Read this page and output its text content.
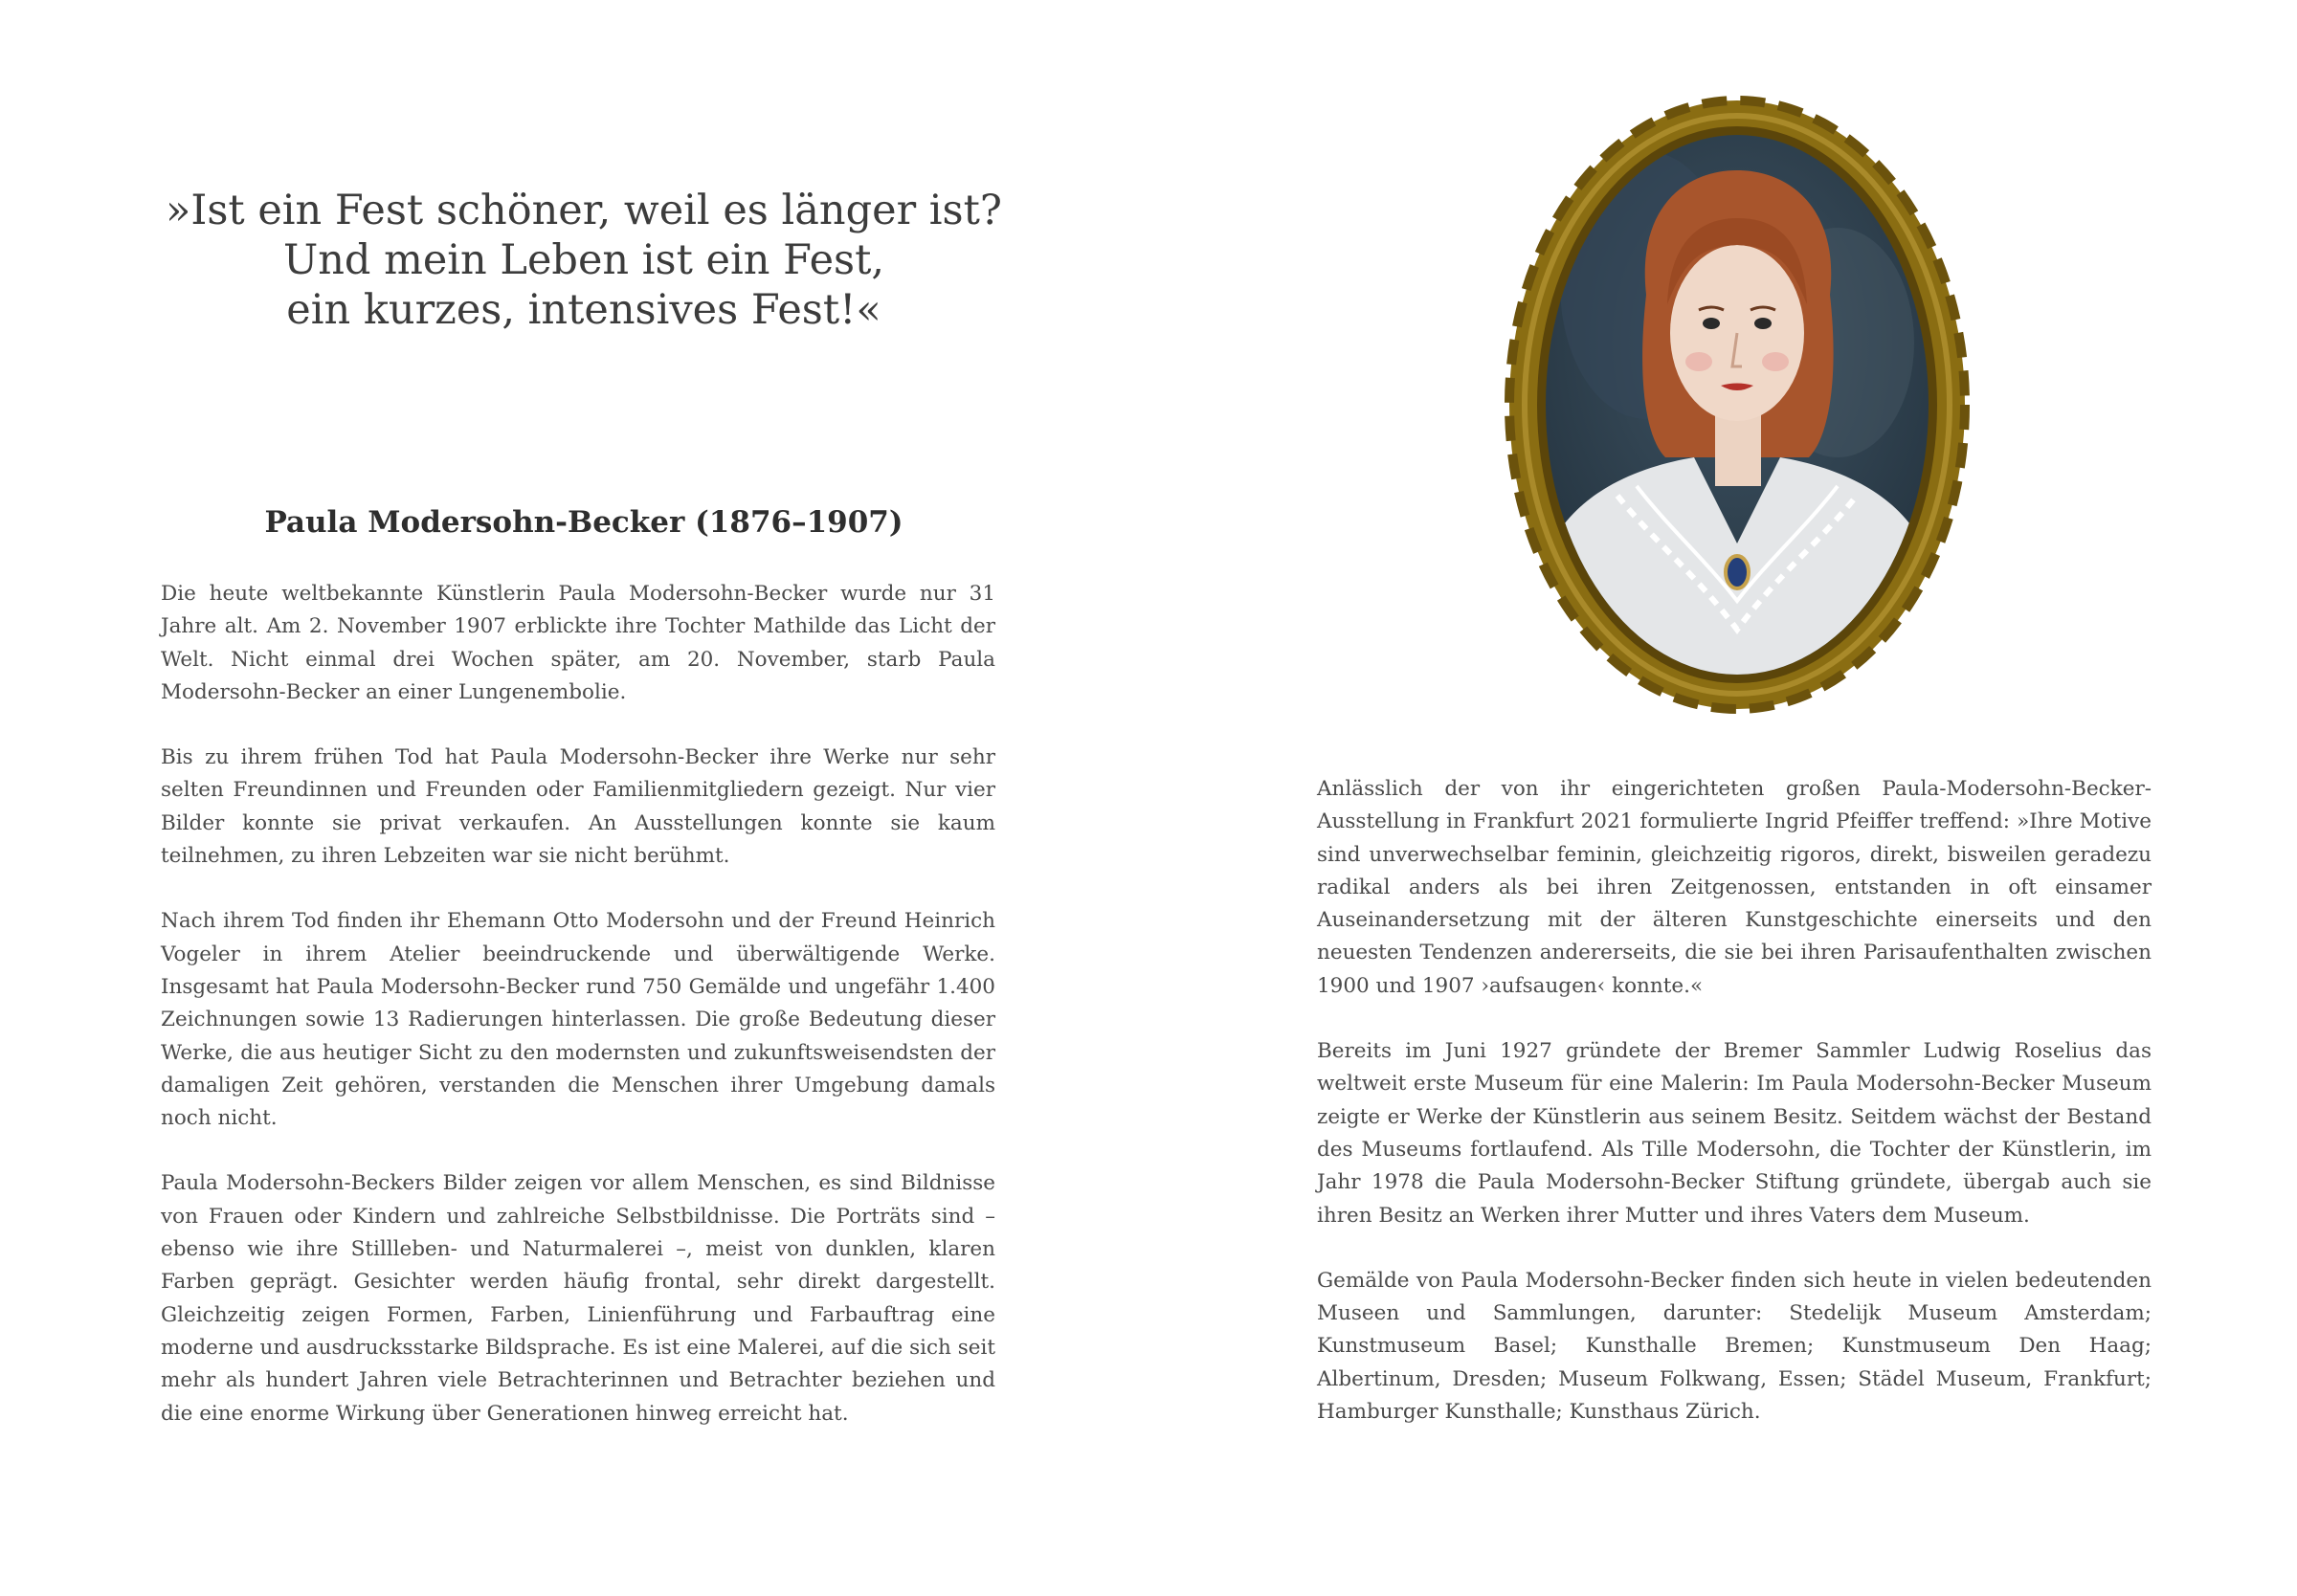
»Ist ein Fest schöner, weil es länger ist?
Und mein Leben ist ein Fest,
ein kurzes, intensives Fest!«
Paula Modersohn-Becker (1876–1907)

Die heute weltbekannte Künstlerin Paula Modersohn-Becker wurde nur 31 Jahre alt. Am 2. November 1907 erblickte ihre Tochter Mathilde das Licht der Welt. Nicht einmal drei Wochen später, am 20. November, starb Paula Modersohn-Becker an einer Lungenembolie.

Bis zu ihrem frühen Tod hat Paula Modersohn-Becker ihre Werke nur sehr selten Freundinnen und Freunden oder Familienmitgliedern gezeigt. Nur vier Bilder konnte sie privat verkaufen. An Ausstellungen konnte sie kaum teilnehmen, zu ihren Lebzeiten war sie nicht berühmt.

Nach ihrem Tod finden ihr Ehemann Otto Modersohn und der Freund Heinrich Vogeler in ihrem Atelier beeindruckende und überwältigende Werke. Insgesamt hat Paula Modersohn-Becker rund 750 Gemälde und ungefähr 1.400 Zeichnungen sowie 13 Radierungen hinterlassen. Die große Bedeutung dieser Werke, die aus heutiger Sicht zu den modernsten und zukunftsweisendsten der damaligen Zeit gehören, verstanden die Menschen ihrer Umgebung damals noch nicht.

Paula Modersohn-Beckers Bilder zeigen vor allem Menschen, es sind Bildnisse von Frauen oder Kindern und zahlreiche Selbstbildnisse. Die Porträts sind – ebenso wie ihre Stillleben- und Naturmalerei –, meist von dunklen, klaren Farben geprägt. Gesichter werden häufig frontal, sehr direkt dargestellt. Gleichzeitig zeigen Formen, Farben, Linienführung und Farbauftrag eine moderne und ausdrucksstarke Bildsprache. Es ist eine Malerei, auf die sich seit mehr als hundert Jahren viele Betrachterinnen und Betrachter beziehen und die eine enorme Wirkung über Generationen hinweg erreicht hat.

Anlässlich der von ihr eingerichteten großen Paula-Modersohn-Becker-Ausstellung in Frankfurt 2021 formulierte Ingrid Pfeiffer treffend: »Ihre Motive sind unverwechselbar feminin, gleichzeitig rigoros, direkt, bisweilen geradezu radikal anders als bei ihren Zeitgenossen, entstanden in oft einsamer Auseinandersetzung mit der älteren Kunstgeschichte einerseits und den neuesten Tendenzen andererseits, die sie bei ihren Parisaufenthalten zwischen 1900 und 1907 ›aufsaugen‹ konnte.«

Bereits im Juni 1927 gründete der Bremer Sammler Ludwig Roselius das weltweit erste Museum für eine Malerin: Im Paula Modersohn-Becker Museum zeigte er Werke der Künstlerin aus seinem Besitz. Seitdem wächst der Bestand des Museums fortlaufend. Als Tille Modersohn, die Tochter der Künstlerin, im Jahr 1978 die Paula Modersohn-Becker Stiftung gründete, übergab auch sie ihren Besitz an Werken ihrer Mutter und ihres Vaters dem Museum.

Gemälde von Paula Modersohn-Becker finden sich heute in vielen bedeutenden Museen und Sammlungen, darunter: Stedelijk Museum Amsterdam; Kunstmuseum Basel; Kunsthalle Bremen; Kunstmuseum Den Haag; Albertinum, Dresden; Museum Folkwang, Essen; Städel Museum, Frankfurt; Hamburger Kunsthalle; Kunsthaus Zürich.
